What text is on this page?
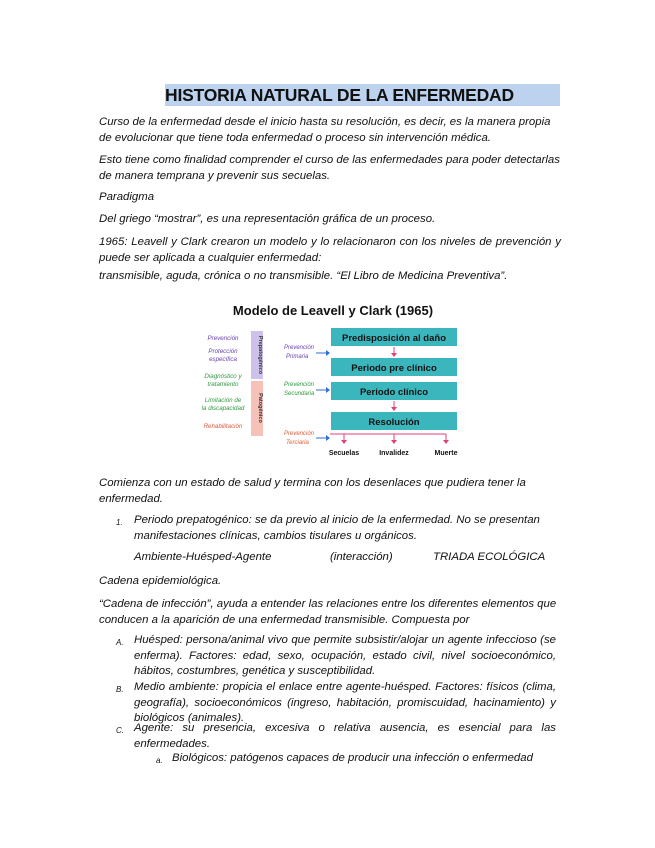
HISTORIA NATURAL DE LA ENFERMEDAD
Curso de la enfermedad desde el inicio hasta su resolución, es decir, es la manera propia de evolucionar que tiene toda enfermedad o proceso sin intervención médica.
Esto tiene como finalidad comprender el curso de las enfermedades para poder detectarlas de manera temprana y prevenir sus secuelas.
Paradigma
Del griego “mostrar”, es una representación gráfica de un proceso.
1965: Leavell y Clark crearon un modelo y lo relacionaron con los niveles de prevención y puede ser aplicada a cualquier enfermedad:
transmisible, aguda, crónica o no transmisible. “El Libro de Medicina Preventiva”.
Modelo de Leavell y Clark (1965)
Prevención
Protección específica
Diagnóstico y tratamiento
Limitación de la discapacidad
Rehabilitación
Prepatogénico
Patogénico
Prevención
Primaria
Prevención
Secundaria
Prevención
Terciaria
Predisposición al daño
Periodo pre clínico
Periodo clínico
Resolución
Secuelas	Invalidez	Muerte
Comienza con un estado de salud y termina con los desenlaces que pudiera tener la enfermedad.
1. Periodo prepatogénico: se da previo al inicio de la enfermedad. No se presentan manifestaciones clínicas, cambios tisulares u orgánicos.
Ambiente-Huésped-Agente	(interacción)	TRIADA ECOLÓGICA
Cadena epidemiológica.
“Cadena de infección”, ayuda a entender las relaciones entre los diferentes elementos que conducen a la aparición de una enfermedad transmisible. Compuesta por
A. Huésped: persona/animal vivo que permite subsistir/alojar un agente infeccioso (se enferma). Factores: edad, sexo, ocupación, estado civil, nivel socioeconómico, hábitos, costumbres, genética y susceptibilidad.
B. Medio ambiente: propicia el enlace entre agente-huésped. Factores: físicos (clima, geografía), socioeconómicos (ingreso, habitación, promiscuidad, hacinamiento) y biológicos (animales).
C. Agente: su presencia, excesiva o relativa ausencia, es esencial para las enfermedades.
a. Biológicos: patógenos capaces de producir una infección o enfermedad
